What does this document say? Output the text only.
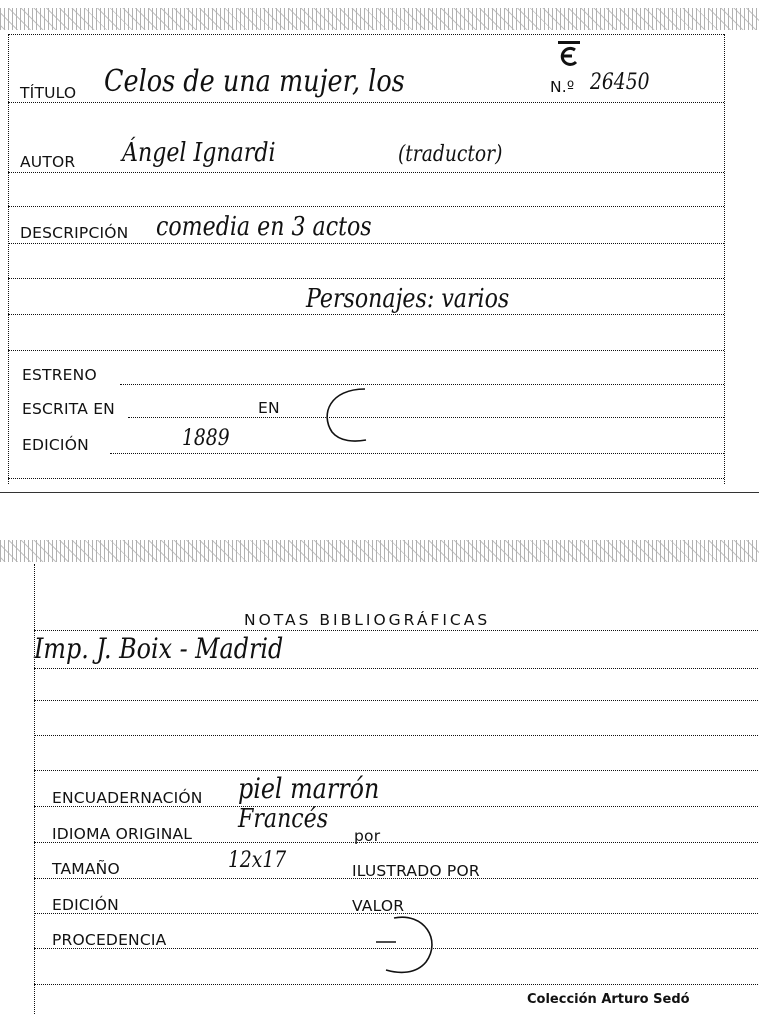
TÍTULO Celos de una mujer, los	N.º 26450
AUTOR Ángel Ignardi	(traductor)
DESCRIPCIÓN comedia en 3 actos
Personajes: varios
ESTRENO
ESCRITA EN	EN
EDICIÓN	1889
NOTAS BIBLIOGRÁFICAS
Imp. J. Boix - Madrid
ENCUADERNACIÓN piel marrón
IDIOMA ORIGINAL Francés
por
TAMAÑO	12x17	ILUSTRADO POR
EDICIÓN	VALOR
PROCEDENCIA
Colección Arturo Sedó
